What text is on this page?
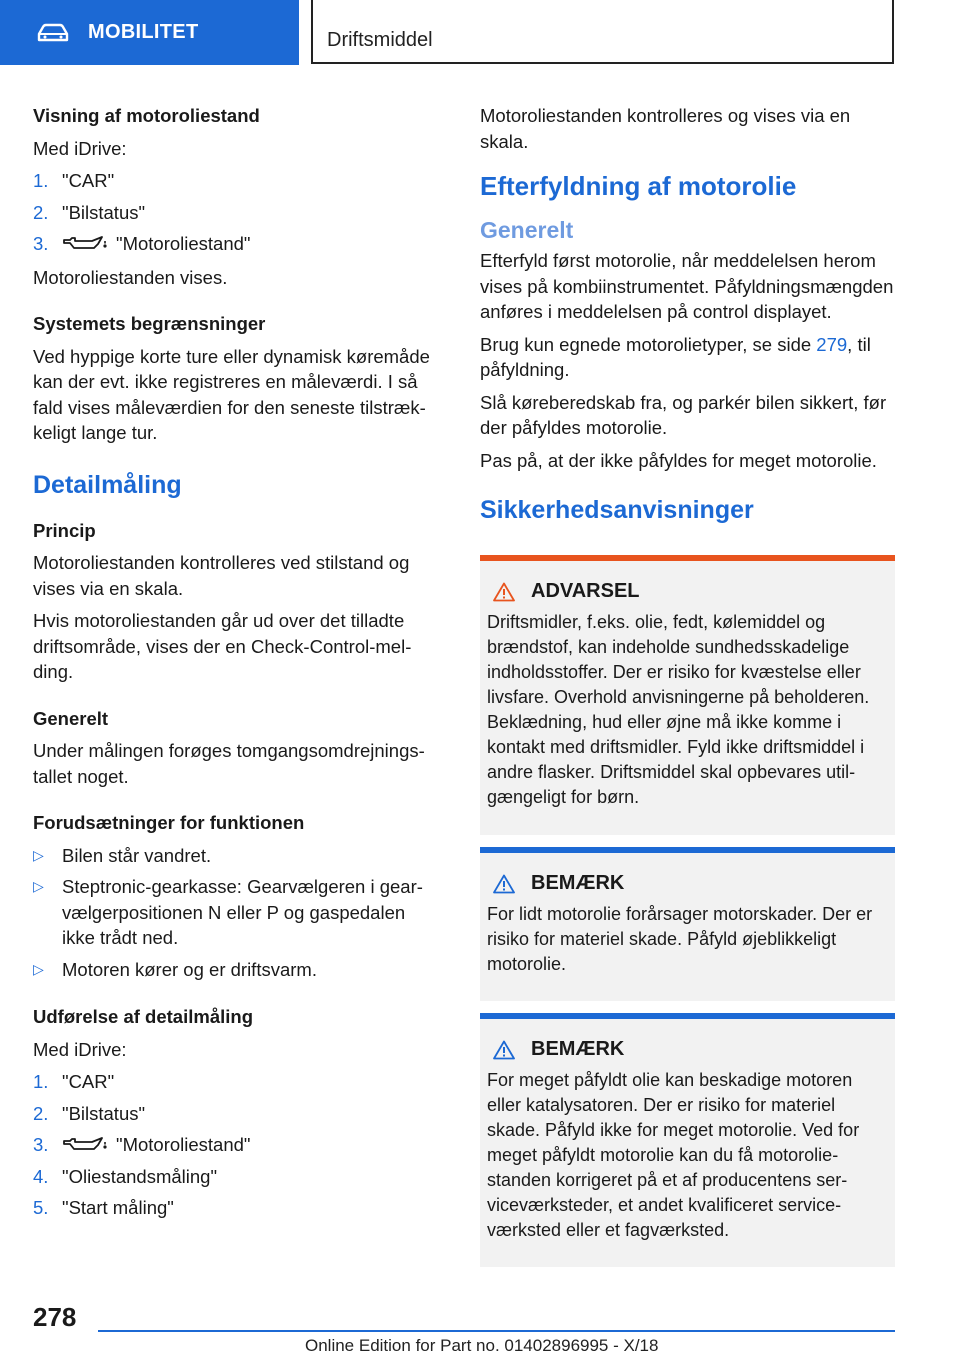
MOBILITET	Driftsmiddel

Visning af motoroliestand

Med iDrive:

1. "CAR"
2. "Bilstatus"
3.	"Motoroliestand"

Motoroliestanden vises.

Systemets begrænsninger

Ved hyppige korte ture eller dynamisk køremåde kan der evt. ikke registreres en måleværdi. I så fald vises måleværdien for den seneste tilstrækkeligt lange tur.

Detailmåling

Princip

Motoroliestanden kontrolleres ved stilstand og vises via en skala.

Hvis motoroliestanden går ud over det tilladte driftsområde, vises der en Check-Control-melding.

Generelt

Under målingen forøges tomgangsomdrejningstallet noget.

Forudsætninger for funktionen

▷ Bilen står vandret.
▷ Steptronic-gearkasse: Gearvælgeren i gearvælgerpositionen N eller P og gaspedalen ikke trådt ned.
▷ Motoren kører og er driftsvarm.

Udførelse af detailmåling

Med iDrive:

1. "CAR"
2. "Bilstatus"
3.	"Motoroliestand"
4. "Oliestandsmåling"
5. "Start måling"

Motoroliestanden kontrolleres og vises via en skala.

Efterfyldning af motorolie
Generelt

Efterfyld først motorolie, når meddelelsen herom vises på kombiinstrumentet. Påfyldningsmængden anføres i meddelelsen på control displayet.

Brug kun egnede motorolietyper, se side 279, til påfyldning.

Slå køreberedskab fra, og parkér bilen sikkert, før der påfyldes motorolie.

Pas på, at der ikke påfyldes for meget motorolie.

Sikkerhedsanvisninger
ADVARSEL
Driftsmidler, f.eks. olie, fedt, kølemiddel og brændstof, kan indeholde sundhedsskadelige indholdsstoffer. Der er risiko for kvæstelse eller livsfare. Overhold anvisningerne på beholderen. Beklædning, hud eller øjne må ikke komme i kontakt med driftsmidler. Fyld ikke driftsmiddel i andre flasker. Driftsmiddel skal opbevares utilgængeligt for børn.
BEMÆRK
For lidt motorolie forårsager motorskader. Der er risiko for materiel skade. Påfyld øjeblikkeligt motorolie.
BEMÆRK
For meget påfyldt olie kan beskadige motoren eller katalysatoren. Der er risiko for materiel skade. Påfyld ikke for meget motorolie. Ved for meget påfyldt motorolie kan du få motoroliestanden korrigeret på et af producentens serviceværksteder, et andet kvalificeret serviceværksted eller et fagværksted.
278
Online Edition for Part no. 01402896995 - X/18
